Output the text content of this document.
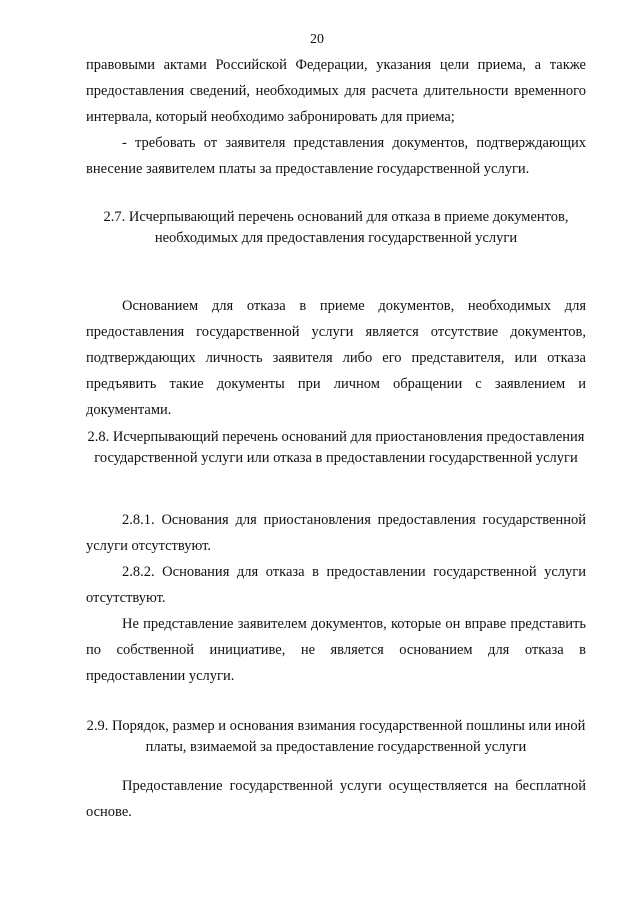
20

правовыми актами Российской Федерации, указания цели приема, а также предоставления сведений, необходимых для расчета длительности временного интервала, который необходимо забронировать для приема;

- требовать от заявителя представления документов, подтверждающих внесение заявителем платы за предоставление государственной услуги.

2.7. Исчерпывающий перечень оснований для отказа в приеме документов, необходимых для предоставления государственной услуги
Основанием для отказа в приеме документов, необходимых для предоставления государственной услуги является отсутствие документов, подтверждающих личность заявителя либо его представителя, или отказа предъявить такие документы при личном обращении с заявлением и документами.
2.8. Исчерпывающий перечень оснований для приостановления предоставления государственной услуги или отказа в предоставлении государственной услуги

2.8.1. Основания для приостановления предоставления государственной услуги отсутствуют.

2.8.2. Основания для отказа в предоставлении государственной услуги отсутствуют.

Не представление заявителем документов, которые он вправе представить по собственной инициативе, не является основанием для отказа в предоставлении услуги.

2.9. Порядок, размер и основания взимания государственной пошлины или иной платы, взимаемой за предоставление государственной услуги
Предоставление государственной услуги осуществляется на бесплатной основе.
